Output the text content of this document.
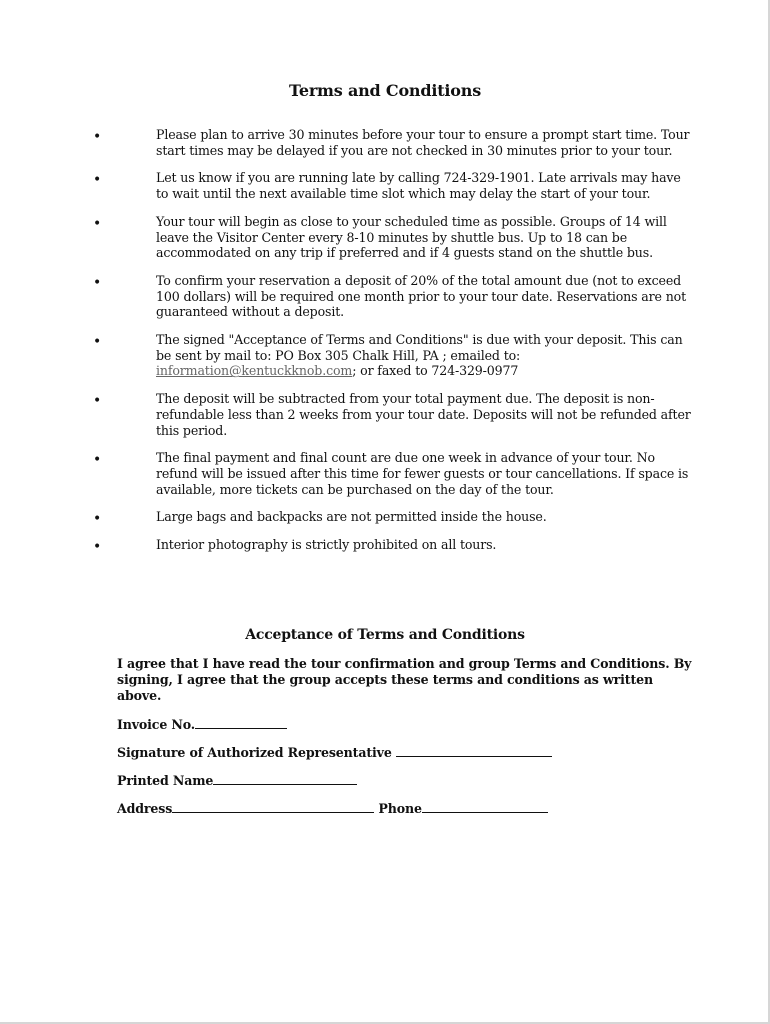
Terms and Conditions
•	Please plan to arrive 30 minutes before your tour to ensure a prompt start time. Tour start times may be delayed if you are not checked in 30 minutes prior to your tour.
•	Let us know if you are running late by calling 724-329-1901. Late arrivals may have to wait until the next available time slot which may delay the start of your tour.
•	Your tour will begin as close to your scheduled time as possible. Groups of 14 will leave the Visitor Center every 8-10 minutes by shuttle bus. Up to 18 can be accommodated on any trip if preferred and if 4 guests stand on the shuttle bus.
•	To confirm your reservation a deposit of 20% of the total amount due (not to exceed 100 dollars) will be required one month prior to your tour date. Reservations are not guaranteed without a deposit.
•	The signed "Acceptance of Terms and Conditions" is due with your deposit. This can be sent by mail to: PO Box 305 Chalk Hill, PA ; emailed to: information@kentuckknob.com; or faxed to 724-329-0977
•	The deposit will be subtracted from your total payment due. The deposit is non-refundable less than 2 weeks from your tour date. Deposits will not be refunded after this period.
•	The final payment and final count are due one week in advance of your tour. No refund will be issued after this time for fewer guests or tour cancellations. If space is available, more tickets can be purchased on the day of the tour.
•	Large bags and backpacks are not permitted inside the house.
•	Interior photography is strictly prohibited on all tours.
Acceptance of Terms and Conditions
I agree that I have read the tour confirmation and group Terms and Conditions. By signing, I agree that the group accepts these terms and conditions as written above.
Invoice No.
Signature of Authorized Representative
Printed Name
Address	Phone
